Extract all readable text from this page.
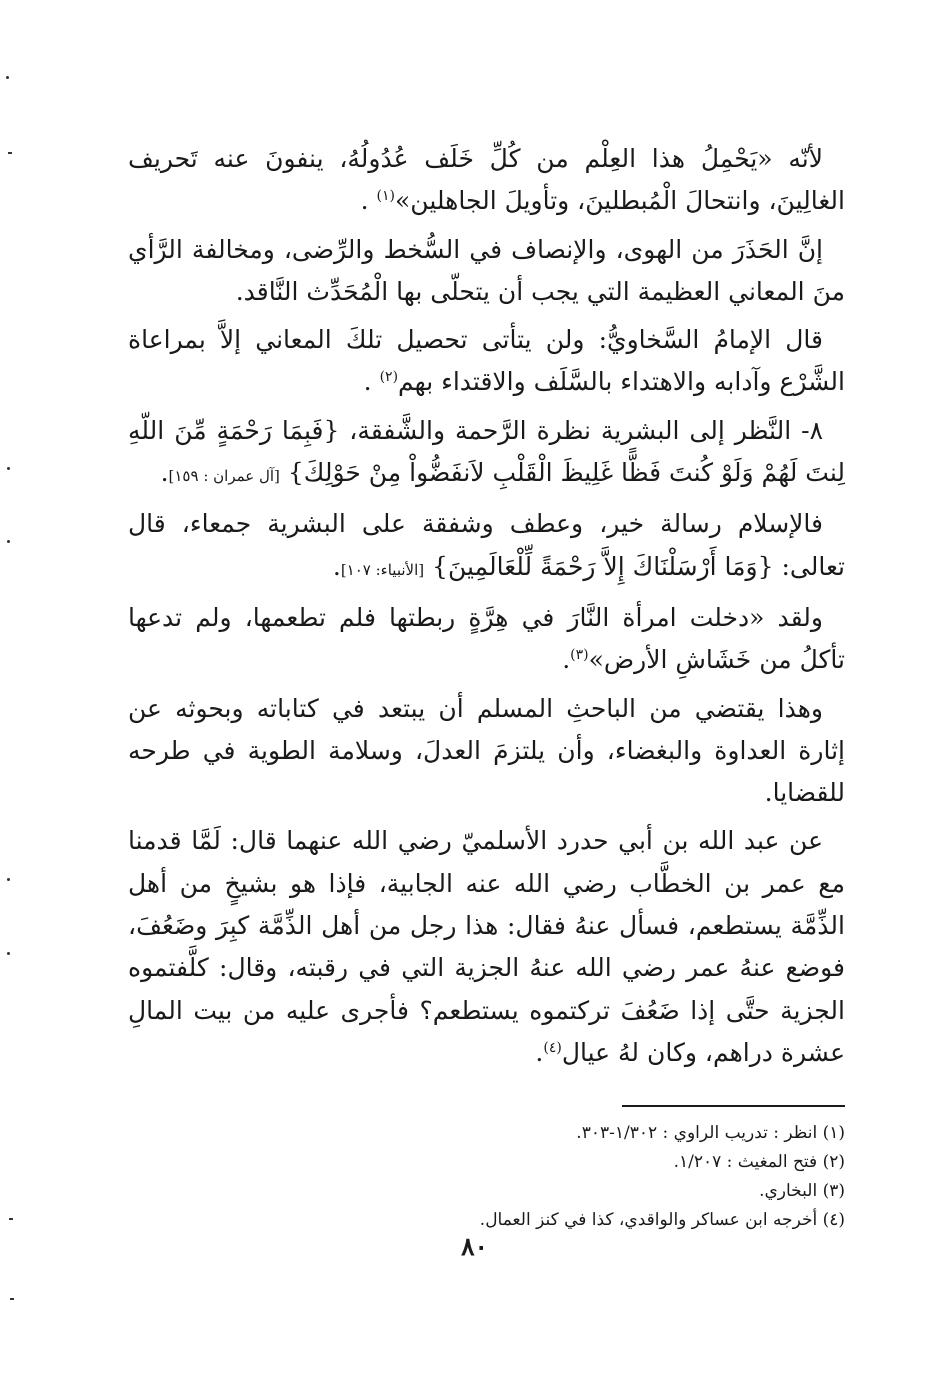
لأنّه «يَحْمِلُ هذا العِلْم من كُلِّ خَلَف عُدُولُهُ، ينفونَ عنه تَحريف الغالِينَ، وانتحالَ الْمُبطلينَ، وتأويلَ الجاهلين»$^{(١)}$ .

إنَّ الحَذَرَ من الهوى، والإنصاف في السُّخط والرِّضى، ومخالفة الرَّأي منَ المعاني العظيمة التي يجب أن يتحلّى بها الْمُحَدِّث النَّاقد.

قال الإمامُ السَّخاويُّ: ولن يتأتى تحصيل تلكَ المعاني إلاَّ بمراعاة الشَّرْع وآدابه والاهتداء بالسَّلَف والاقتداء بهم$^{(٢)}$ .

٨- النَّظر إلى البشرية نظرة الرَّحمة والشَّفقة، {فَبِمَا رَحْمَةٍ مِّنَ اللّهِ لِنتَ لَهُمْ وَلَوْ كُنتَ فَظًّا غَلِيظَ الْقَلْبِ لاَنفَضُّواْ مِنْ حَوْلِكَ} [آل عمران : ١٥٩].

فالإسلام رسالة خير، وعطف وشفقة على البشرية جمعاء، قال تعالى: {وَمَا أَرْسَلْنَاكَ إِلاَّ رَحْمَةً لِّلْعَالَمِينَ} [الأنبياء: ١٠٧].

ولقد «دخلت امرأة النَّارَ في هِرَّةٍ ربطتها فلم تطعمها، ولم تدعها تأكلُ من خَشَاشِ الأرض»$^{(٣)}$.

وهذا يقتضي من الباحثِ المسلم أن يبتعد في كتاباته وبحوثه عن إثارة العداوة والبغضاء، وأن يلتزمَ العدلَ، وسلامة الطوية في طرحه للقضايا.

عن عبد الله بن أبي حدرد الأسلميّ رضي الله عنهما قال: لَمَّا قدمنا مع عمر بن الخطَّاب رضي الله عنه الجابية، فإذا هو بشيخٍ من أهل الذِّمَّة يستطعم، فسأل عنهُ فقال: هذا رجل من أهل الذِّمَّة كبِرَ وضَعُفَ، فوضع عنهُ عمر رضي الله عنهُ الجزية التي في رقبته، وقال: كلَّفتموه الجزية حتَّى إذا ضَعُفَ تركتموه يستطعم؟ فأجرى عليه من بيت المالِ عشرة دراهم، وكان لهُ عيال$^{(٤)}$.

(١) انظر : تدريب الراوي : ١/٣٠٢-٣٠٣.
(٢) فتح المغيث : ١/٢٠٧.
(٣) البخاري.
(٤) أخرجه ابن عساكر والواقدي، كذا في كنز العمال.
٨٠
